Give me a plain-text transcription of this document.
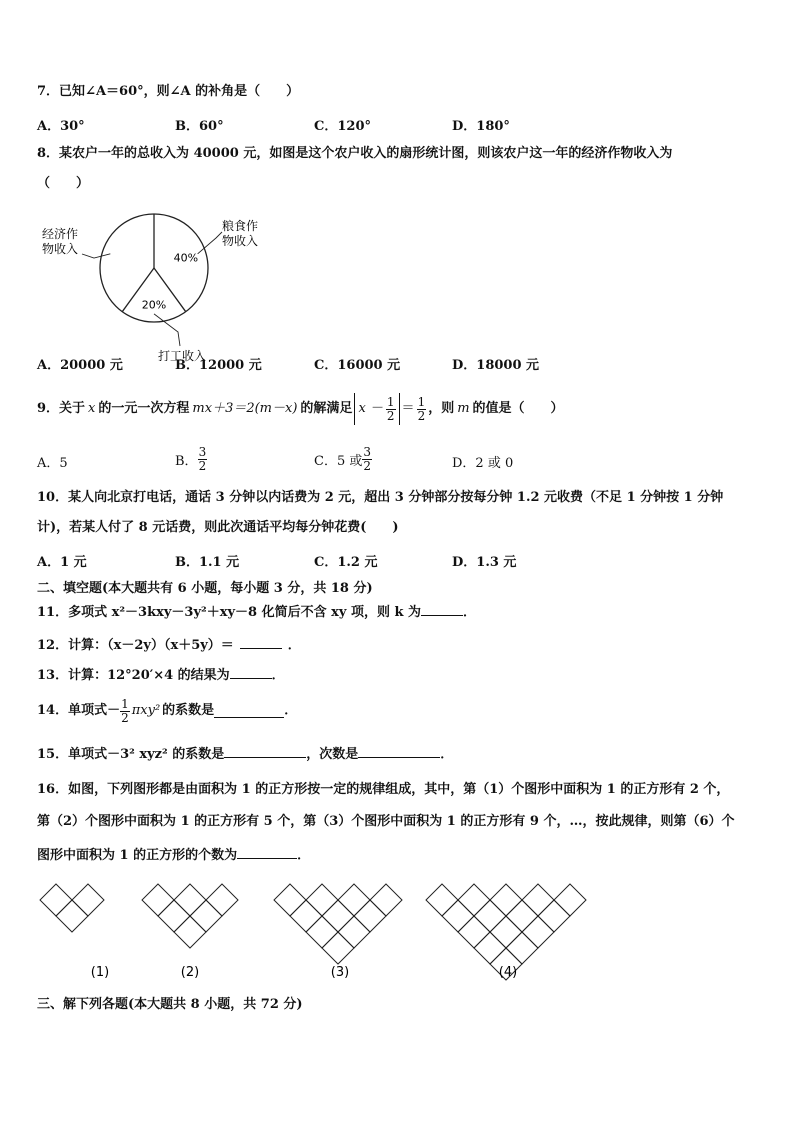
7．已知∠A＝60°，则∠A 的补角是（　　）
A．30°	B．60°	C．120°	D．180°
8．某农户一年的总收入为 40000 元，如图是这个农户收入的扇形统计图，则该农户这一年的经济作物收入为
（　　）
40%
粮食作
物收入
20%
打工收入
经济作
物收入
A．20000 元	B．12000 元	C．16000 元	D．18000 元
9．关于 x 的一元一次方程 mx＋3＝2(m－x) 的解满足 $x - \frac{1}{2} = \frac{1}{2}$ ，则 m 的值是（　　）
A．5	B． $\frac{3}{2}$	C．5 或 $\frac{3}{2}$	D．2 或 0
10．某人向北京打电话，通话 3 分钟以内话费为 2 元，超出 3 分钟部分按每分钟 1.2 元收费（不足 1 分钟按 1 分钟
计)，若某人付了 8 元话费，则此次通话平均每分钟花费(　　)
A．1 元	B．1.1 元	C．1.2 元	D．1.3 元
二、填空题(本大题共有 6 小题，每小题 3 分，共 18 分)
11．多项式 x²－3kxy－3y²＋xy－8 化简后不含 xy 项，则 k 为	．
12．计算：（x－2y）（x＋5y）＝	．
13．计算：12°20′×4 的结果为	．
14．单项式－ $\frac{1}{2} \pi xy^2$ 的系数是	．
15．单项式－3² xyz² 的系数是	，次数是	．
16．如图，下列图形都是由面积为 1 的正方形按一定的规律组成，其中，第（1）个图形中面积为 1 的正方形有 2 个，
第（2）个图形中面积为 1 的正方形有 5 个，第（3）个图形中面积为 1 的正方形有 9 个，…，按此规律，则第（6）个
图形中面积为 1 的正方形的个数为	．
(1)	(2)	(3)	(4)
三、解下列各题(本大题共 8 小题，共 72 分)
